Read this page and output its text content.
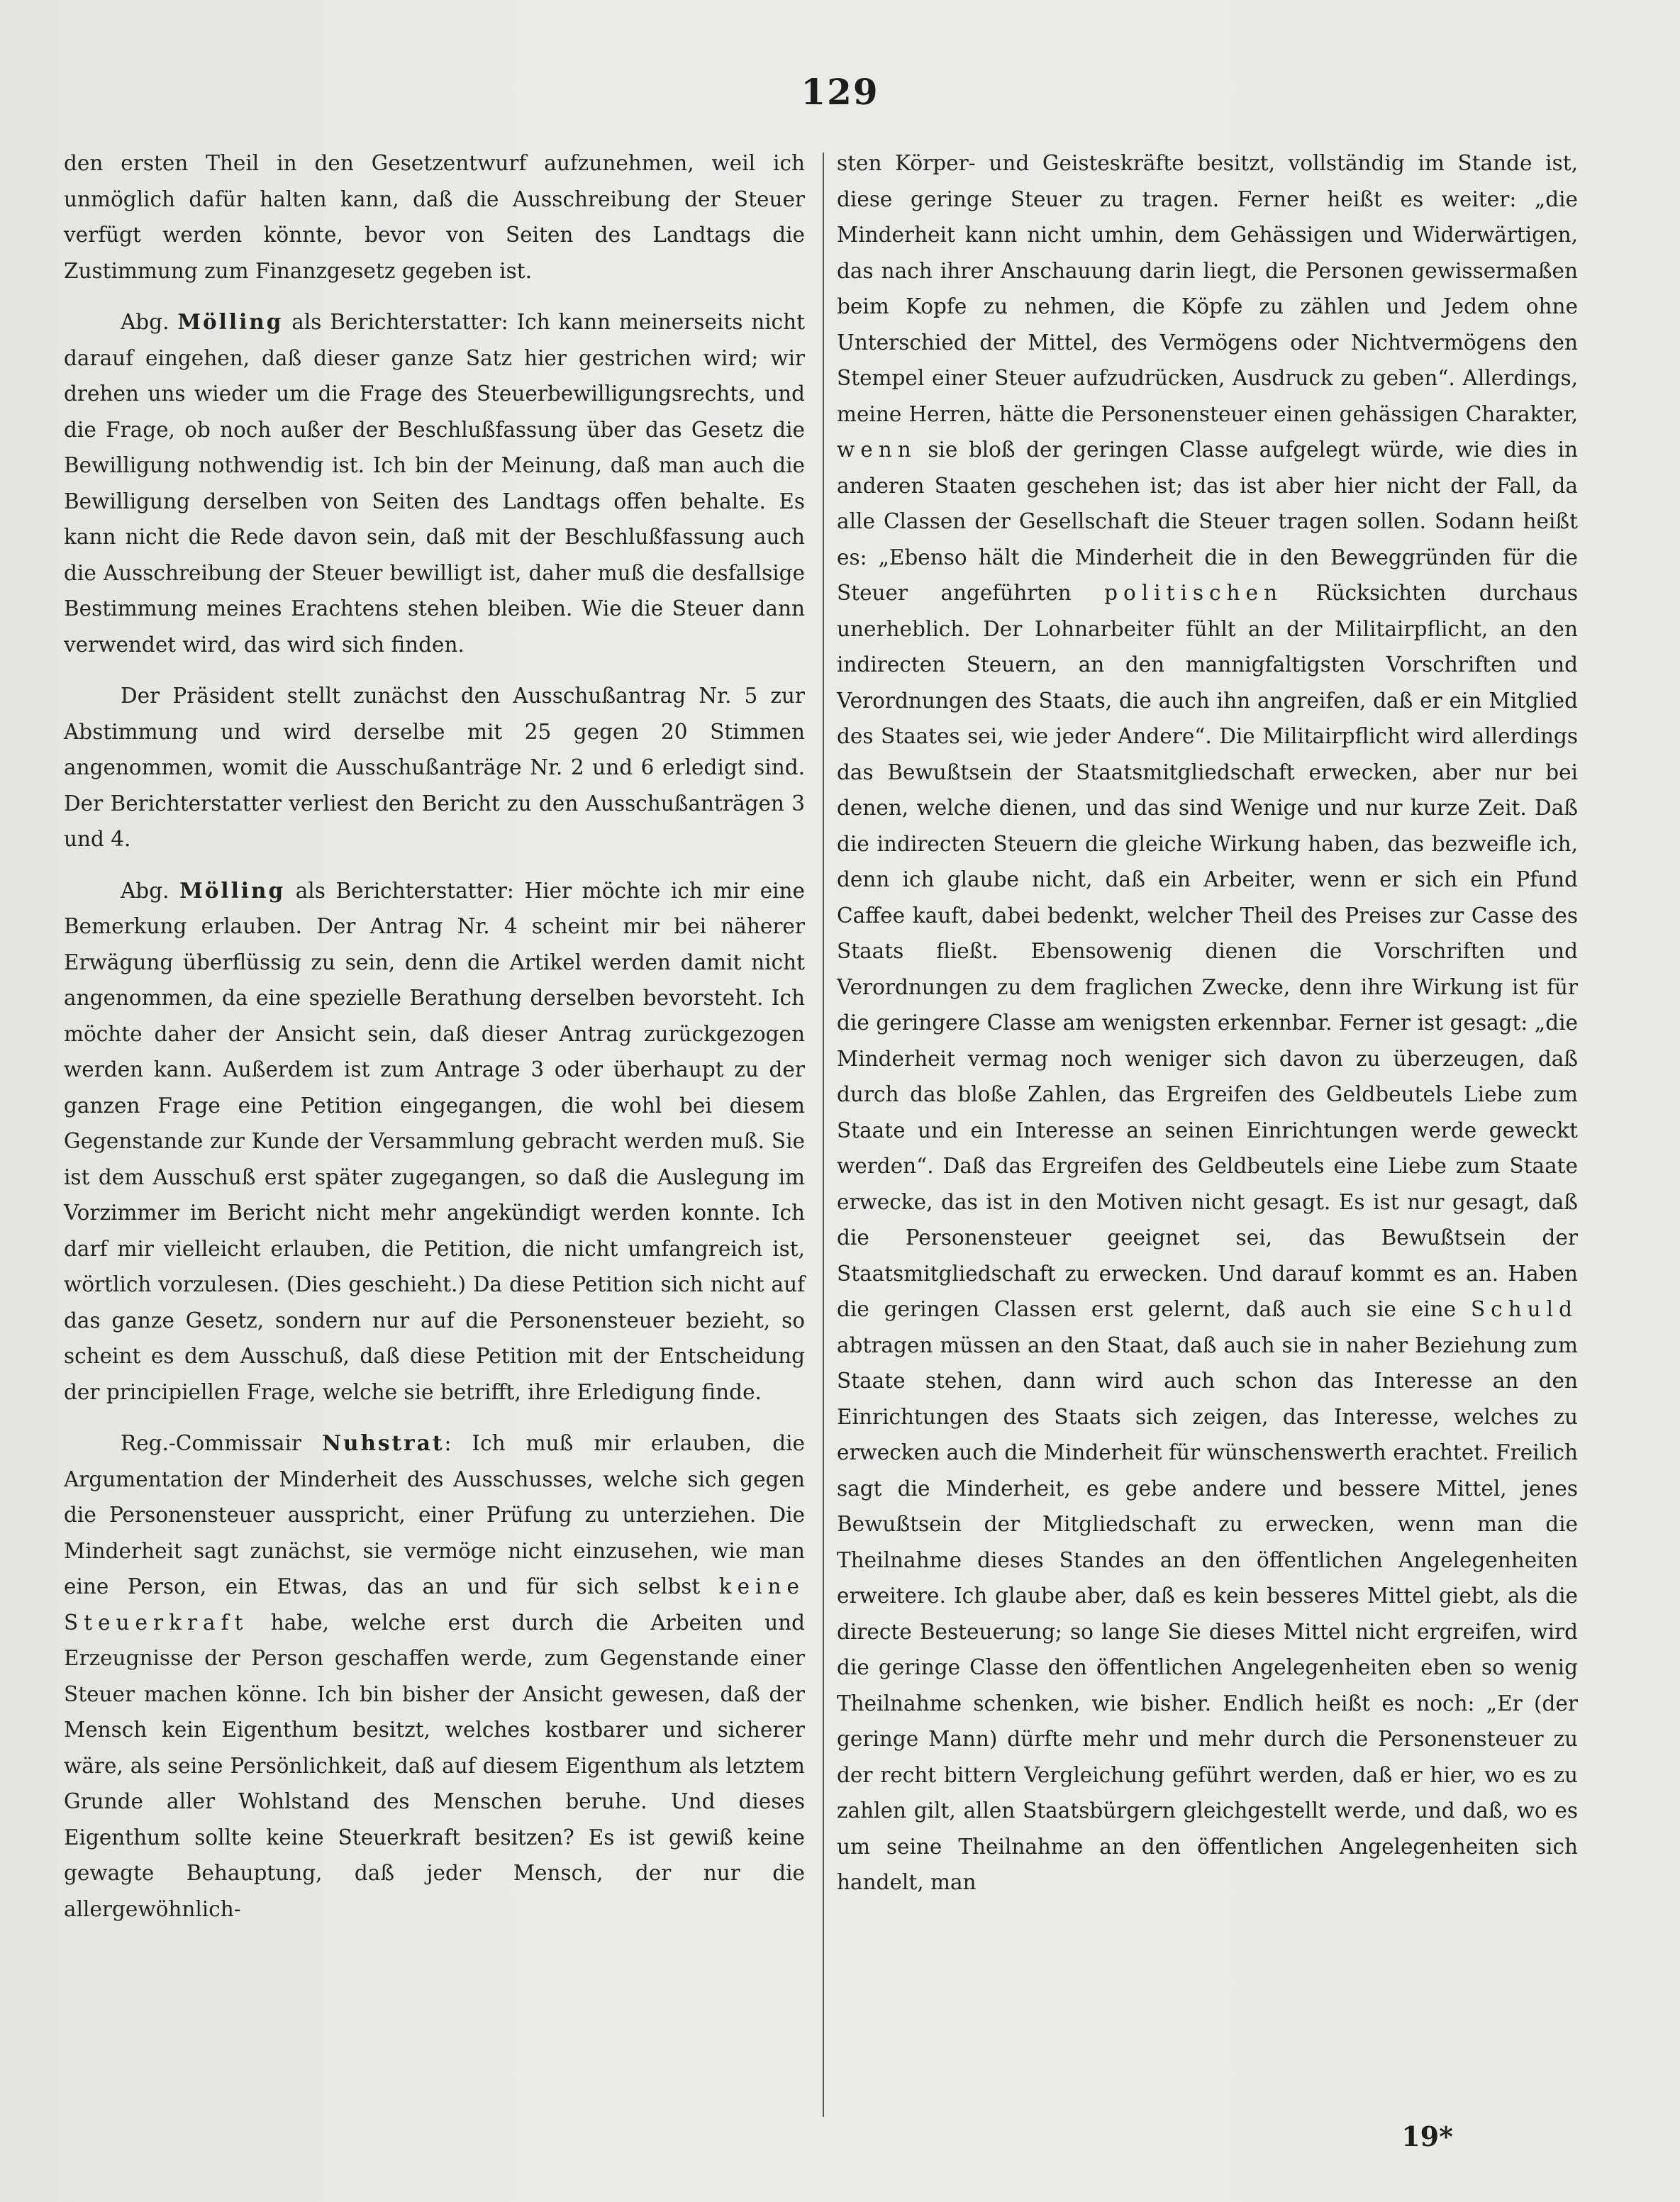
129

den ersten Theil in den Gesetzentwurf aufzunehmen, weil ich unmöglich dafür halten kann, daß die Ausschreibung der Steuer verfügt werden könnte, bevor von Seiten des Landtags die Zustimmung zum Finanzgesetz gegeben ist.

Abg. Mölling als Berichterstatter: Ich kann meinerseits nicht darauf eingehen, daß dieser ganze Satz hier gestrichen wird; wir drehen uns wieder um die Frage des Steuerbewilligungsrechts, und die Frage, ob noch außer der Beschlußfassung über das Gesetz die Bewilligung nothwendig ist. Ich bin der Meinung, daß man auch die Bewilligung derselben von Seiten des Landtags offen behalte. Es kann nicht die Rede davon sein, daß mit der Beschlußfassung auch die Ausschreibung der Steuer bewilligt ist, daher muß die desfallsige Bestimmung meines Erachtens stehen bleiben. Wie die Steuer dann verwendet wird, das wird sich finden.

Der Präsident stellt zunächst den Ausschußantrag Nr. 5 zur Abstimmung und wird derselbe mit 25 gegen 20 Stimmen angenommen, womit die Ausschußanträge Nr. 2 und 6 erledigt sind. Der Berichterstatter verliest den Bericht zu den Ausschußanträgen 3 und 4.

Abg. Mölling als Berichterstatter: Hier möchte ich mir eine Bemerkung erlauben. Der Antrag Nr. 4 scheint mir bei näherer Erwägung überflüssig zu sein, denn die Artikel werden damit nicht angenommen, da eine spezielle Berathung derselben bevorsteht. Ich möchte daher der Ansicht sein, daß dieser Antrag zurückgezogen werden kann. Außerdem ist zum Antrage 3 oder überhaupt zu der ganzen Frage eine Petition eingegangen, die wohl bei diesem Gegenstande zur Kunde der Versammlung gebracht werden muß. Sie ist dem Ausschuß erst später zugegangen, so daß die Auslegung im Vorzimmer im Bericht nicht mehr angekündigt werden konnte. Ich darf mir vielleicht erlauben, die Petition, die nicht umfangreich ist, wörtlich vorzulesen. (Dies geschieht.) Da diese Petition sich nicht auf das ganze Gesetz, sondern nur auf die Personensteuer bezieht, so scheint es dem Ausschuß, daß diese Petition mit der Entscheidung der principiellen Frage, welche sie betrifft, ihre Erledigung finde.

Reg.-Commissair Nuhstrat: Ich muß mir erlauben, die Argumentation der Minderheit des Ausschusses, welche sich gegen die Personensteuer ausspricht, einer Prüfung zu unterziehen. Die Minderheit sagt zunächst, sie vermöge nicht einzusehen, wie man eine Person, ein Etwas, das an und für sich selbst keine Steuerkraft habe, welche erst durch die Arbeiten und Erzeugnisse der Person geschaffen werde, zum Gegenstande einer Steuer machen könne. Ich bin bisher der Ansicht gewesen, daß der Mensch kein Eigenthum besitzt, welches kostbarer und sicherer wäre, als seine Persönlichkeit, daß auf diesem Eigenthum als letztem Grunde aller Wohlstand des Menschen beruhe. Und dieses Eigenthum sollte keine Steuerkraft besitzen? Es ist gewiß keine gewagte Behauptung, daß jeder Mensch, der nur die allergewöhnlich-

sten Körper- und Geisteskräfte besitzt, vollständig im Stande ist, diese geringe Steuer zu tragen. Ferner heißt es weiter: „die Minderheit kann nicht umhin, dem Gehässigen und Widerwärtigen, das nach ihrer Anschauung darin liegt, die Personen gewissermaßen beim Kopfe zu nehmen, die Köpfe zu zählen und Jedem ohne Unterschied der Mittel, des Vermögens oder Nichtvermögens den Stempel einer Steuer aufzudrücken, Ausdruck zu geben“. Allerdings, meine Herren, hätte die Personensteuer einen gehässigen Charakter, wenn sie bloß der geringen Classe aufgelegt würde, wie dies in anderen Staaten geschehen ist; das ist aber hier nicht der Fall, da alle Classen der Gesellschaft die Steuer tragen sollen. Sodann heißt es: „Ebenso hält die Minderheit die in den Beweggründen für die Steuer angeführten politischen Rücksichten durchaus unerheblich. Der Lohnarbeiter fühlt an der Militairpflicht, an den indirecten Steuern, an den mannigfaltigsten Vorschriften und Verordnungen des Staats, die auch ihn angreifen, daß er ein Mitglied des Staates sei, wie jeder Andere“. Die Militairpflicht wird allerdings das Bewußtsein der Staatsmitgliedschaft erwecken, aber nur bei denen, welche dienen, und das sind Wenige und nur kurze Zeit. Daß die indirecten Steuern die gleiche Wirkung haben, das bezweifle ich, denn ich glaube nicht, daß ein Arbeiter, wenn er sich ein Pfund Caffee kauft, dabei bedenkt, welcher Theil des Preises zur Casse des Staats fließt. Ebensowenig dienen die Vorschriften und Verordnungen zu dem fraglichen Zwecke, denn ihre Wirkung ist für die geringere Classe am wenigsten erkennbar. Ferner ist gesagt: „die Minderheit vermag noch weniger sich davon zu überzeugen, daß durch das bloße Zahlen, das Ergreifen des Geldbeutels Liebe zum Staate und ein Interesse an seinen Einrichtungen werde geweckt werden“. Daß das Ergreifen des Geldbeutels eine Liebe zum Staate erwecke, das ist in den Motiven nicht gesagt. Es ist nur gesagt, daß die Personensteuer geeignet sei, das Bewußtsein der Staatsmitgliedschaft zu erwecken. Und darauf kommt es an. Haben die geringen Classen erst gelernt, daß auch sie eine Schuld abtragen müssen an den Staat, daß auch sie in naher Beziehung zum Staate stehen, dann wird auch schon das Interesse an den Einrichtungen des Staats sich zeigen, das Interesse, welches zu erwecken auch die Minderheit für wünschenswerth erachtet. Freilich sagt die Minderheit, es gebe andere und bessere Mittel, jenes Bewußtsein der Mitgliedschaft zu erwecken, wenn man die Theilnahme dieses Standes an den öffentlichen Angelegenheiten erweitere. Ich glaube aber, daß es kein besseres Mittel giebt, als die directe Besteuerung; so lange Sie dieses Mittel nicht ergreifen, wird die geringe Classe den öffentlichen Angelegenheiten eben so wenig Theilnahme schenken, wie bisher. Endlich heißt es noch: „Er (der geringe Mann) dürfte mehr und mehr durch die Personensteuer zu der recht bittern Vergleichung geführt werden, daß er hier, wo es zu zahlen gilt, allen Staatsbürgern gleichgestellt werde, und daß, wo es um seine Theilnahme an den öffentlichen Angelegenheiten sich handelt, man

19*
